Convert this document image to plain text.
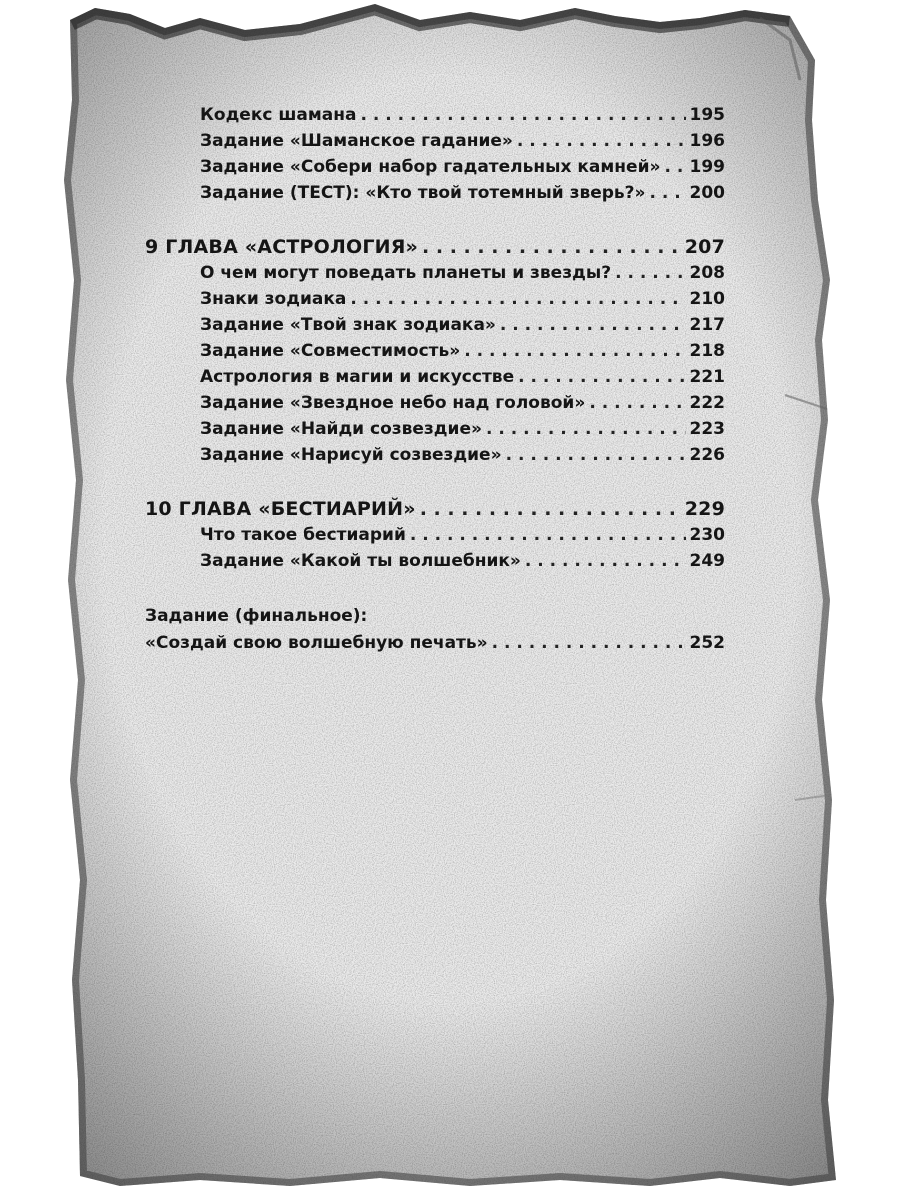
Кодекс шамана . . .	195
Задание «Шаманское гадание» . . .	196
Задание «Собери набор гадательных камней» . . . 199
Задание (ТЕСТ): «Кто твой тотемный зверь?» . . .	200
9 ГЛАВА «АСТРОЛОГИЯ» . . .	207
О чем могут поведать планеты и звезды? . . .	208
Знаки зодиака . . .	210
Задание «Твой знак зодиака» . . .	217
Задание «Совместимость» . . .	218
Астрология в магии и искусстве . . .	221
Задание «Звездное небо над головой» . . .	222
Задание «Найди созвездие» . . .	223
Задание «Нарисуй созвездие» . . .	226
10 ГЛАВА «БЕСТИАРИЙ» . . .	229
Что такое бестиарий . . .	230
Задание «Какой ты волшебник» . . .	249
Задание (финальное):
«Создай свою волшебную печать» . . .	252
